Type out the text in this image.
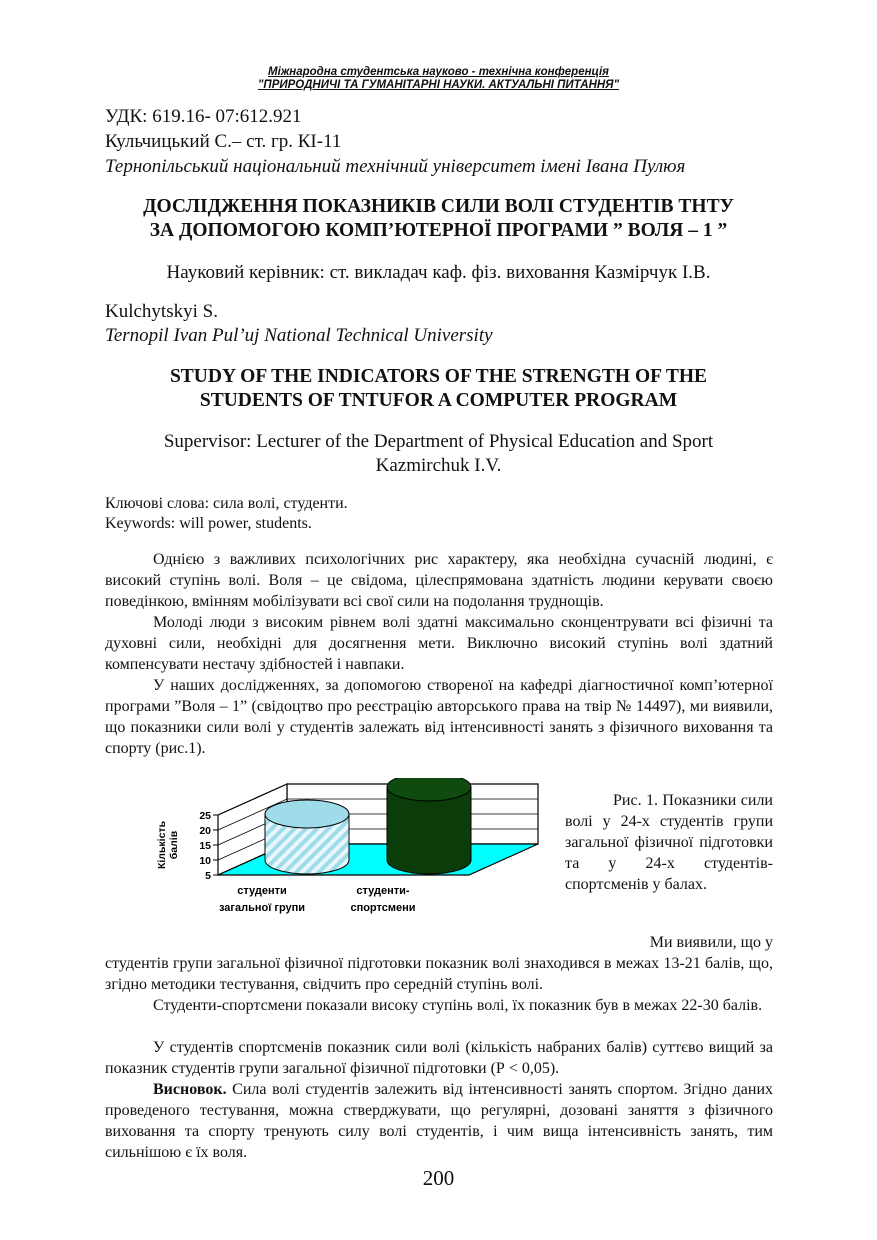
Міжнародна студентська науково - технічна конференція
"ПРИРОДНИЧІ ТА ГУМАНІТАРНІ НАУКИ. АКТУАЛЬНІ ПИТАННЯ"
УДК: 619.16- 07:612.921
Кульчицький С.– ст. гр. КІ-11
Тернопільський національний технічний університет імені Івана Пулюя
ДОСЛІДЖЕННЯ ПОКАЗНИКІВ СИЛИ ВОЛІ СТУДЕНТІВ ТНТУ
ЗА ДОПОМОГОЮ КОМП’ЮТЕРНОЇ ПРОГРАМИ ” ВОЛЯ – 1 ”
Науковий керівник: ст. викладач каф. фіз. виховання Казмірчук І.В.
Kulchytskyi S.
Ternopil Ivan Pul’uj National Technical University
STUDY OF THE INDICATORS OF THE STRENGTH OF THE
STUDENTS OF TNTUFOR A COMPUTER PROGRAM
Supervisor: Lecturer of the Department of Physical Education and Sport
Kazmirchuk I.V.
Ключові слова: сила волі, студенти.
Keywords: will power, students.
Однією з важливих психологічних рис характеру, яка необхідна сучасній людині, є високий ступінь волі. Воля – це свідома, цілеспрямована здатність людини керувати своєю поведінкою, вмінням мобілізувати всі свої сили на подолання труднощів.
Молоді люди з високим рівнем волі здатні максимально сконцентрувати всі фізичні та духовні сили, необхідні для досягнення мети. Виключно високий ступінь волі здатний компенсувати нестачу здібностей і навпаки.
У наших дослідженнях, за допомогою створеної на кафедрі діагностичної комп’ютерної програми ”Воля – 1” (свідоцтво про реєстрацію авторського права на твір № 14497), ми виявили, що показники сили волі у студентів залежать від інтенсивності занять з фізичного виховання та спорту (рис.1).
5
10
15
20
25
студенти
загальної групи
студенти-
спортсмени
Кількість балів
Рис. 1. Показники сили волі у 24-х студентів групи загальної фізичної підготовки та у 24-х студентів-спортсменів у балах.
Ми виявили, що у
студентів групи загальної фізичної підготовки показник волі знаходився в межах 13-21 балів, що, згідно методики тестування, свідчить про середній ступінь волі.
Студенти-спортсмени показали високу ступінь волі, їх показник був в межах 22-30 балів.
У студентів спортсменів показник сили волі (кількість набраних балів) суттєво вищий за показник студентів групи загальної фізичної підготовки (Р < 0,05).
Висновок. Сила волі студентів залежить від інтенсивності занять спортом. Згідно даних проведеного тестування, можна стверджувати, що регулярні, дозовані заняття з фізичного виховання та спорту тренують силу волі студентів, і чим вища інтенсивність занять, тим сильнішою є їх воля.
200
